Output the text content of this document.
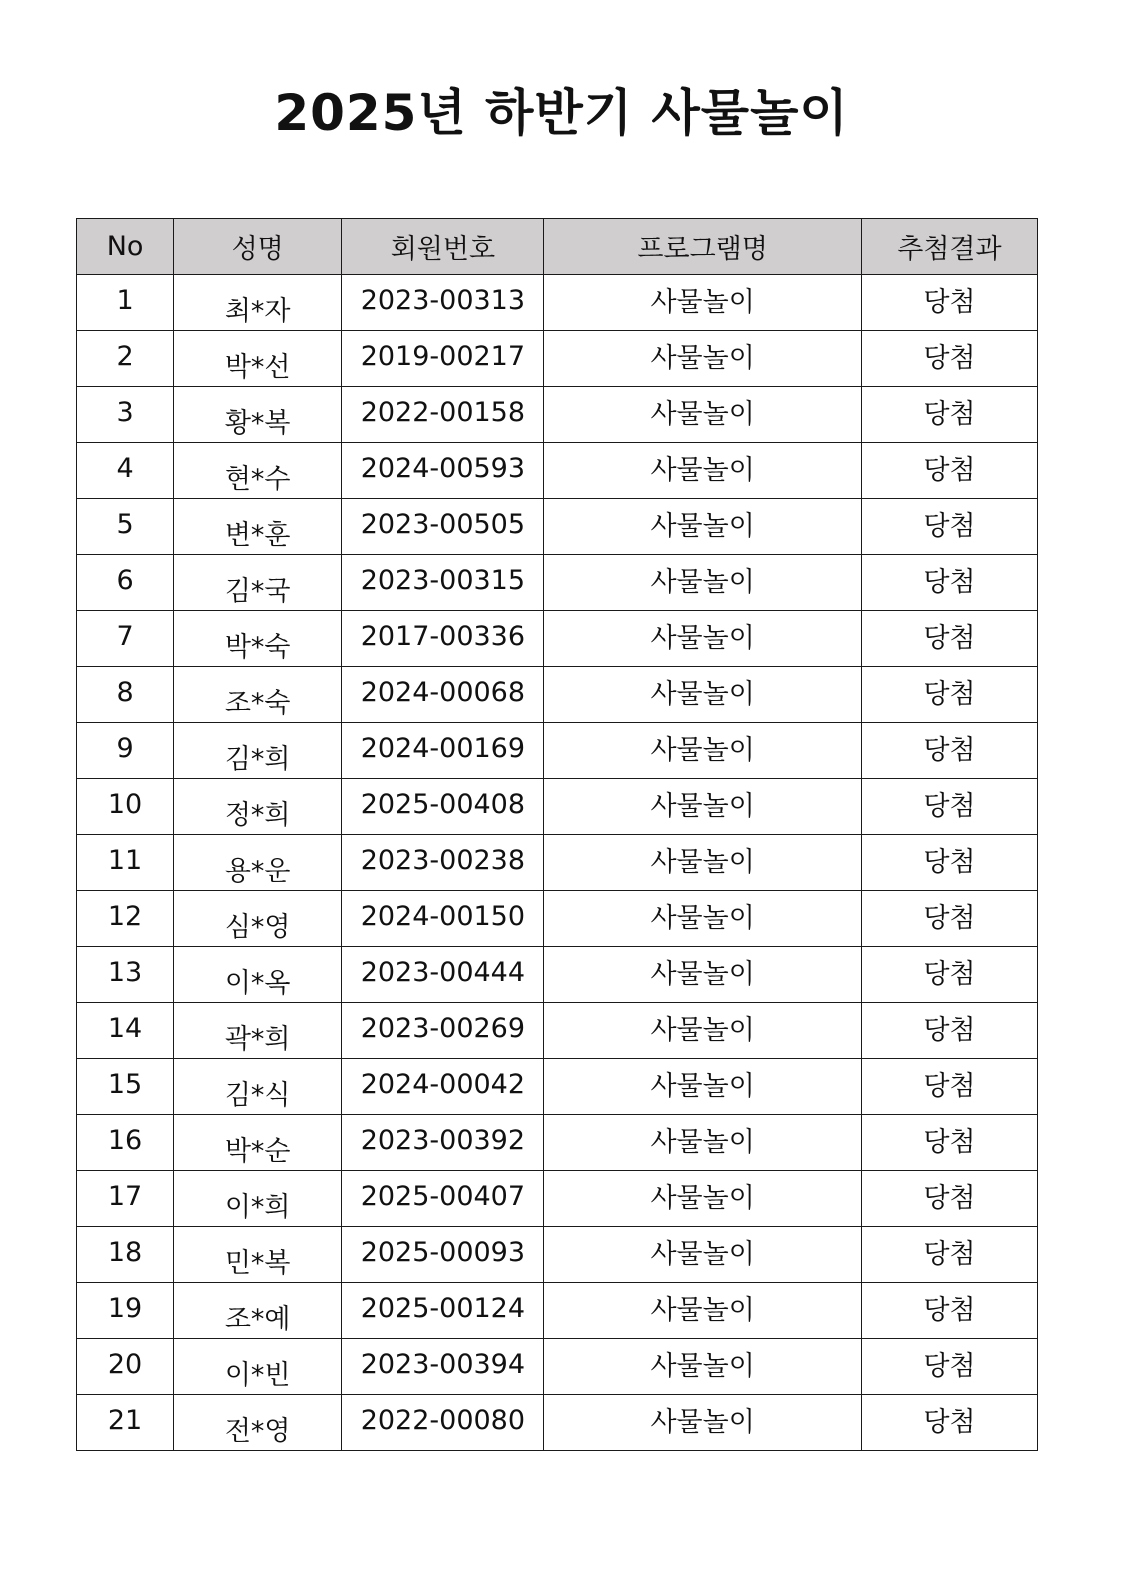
2025년 하반기 사물놀이
No	성명	회원번호	프로그램명	추첨결과
1	최*자	2023-00313	사물놀이	당첨
2	박*선	2019-00217	사물놀이	당첨
3	황*복	2022-00158	사물놀이	당첨
4	현*수	2024-00593	사물놀이	당첨
5	변*훈	2023-00505	사물놀이	당첨
6	김*국	2023-00315	사물놀이	당첨
7	박*숙	2017-00336	사물놀이	당첨
8	조*숙	2024-00068	사물놀이	당첨
9	김*희	2024-00169	사물놀이	당첨
10	정*희	2025-00408	사물놀이	당첨
11	용*운	2023-00238	사물놀이	당첨
12	심*영	2024-00150	사물놀이	당첨
13	이*옥	2023-00444	사물놀이	당첨
14	곽*희	2023-00269	사물놀이	당첨
15	김*식	2024-00042	사물놀이	당첨
16	박*순	2023-00392	사물놀이	당첨
17	이*희	2025-00407	사물놀이	당첨
18	민*복	2025-00093	사물놀이	당첨
19	조*예	2025-00124	사물놀이	당첨
20	이*빈	2023-00394	사물놀이	당첨
21	전*영	2022-00080	사물놀이	당첨
